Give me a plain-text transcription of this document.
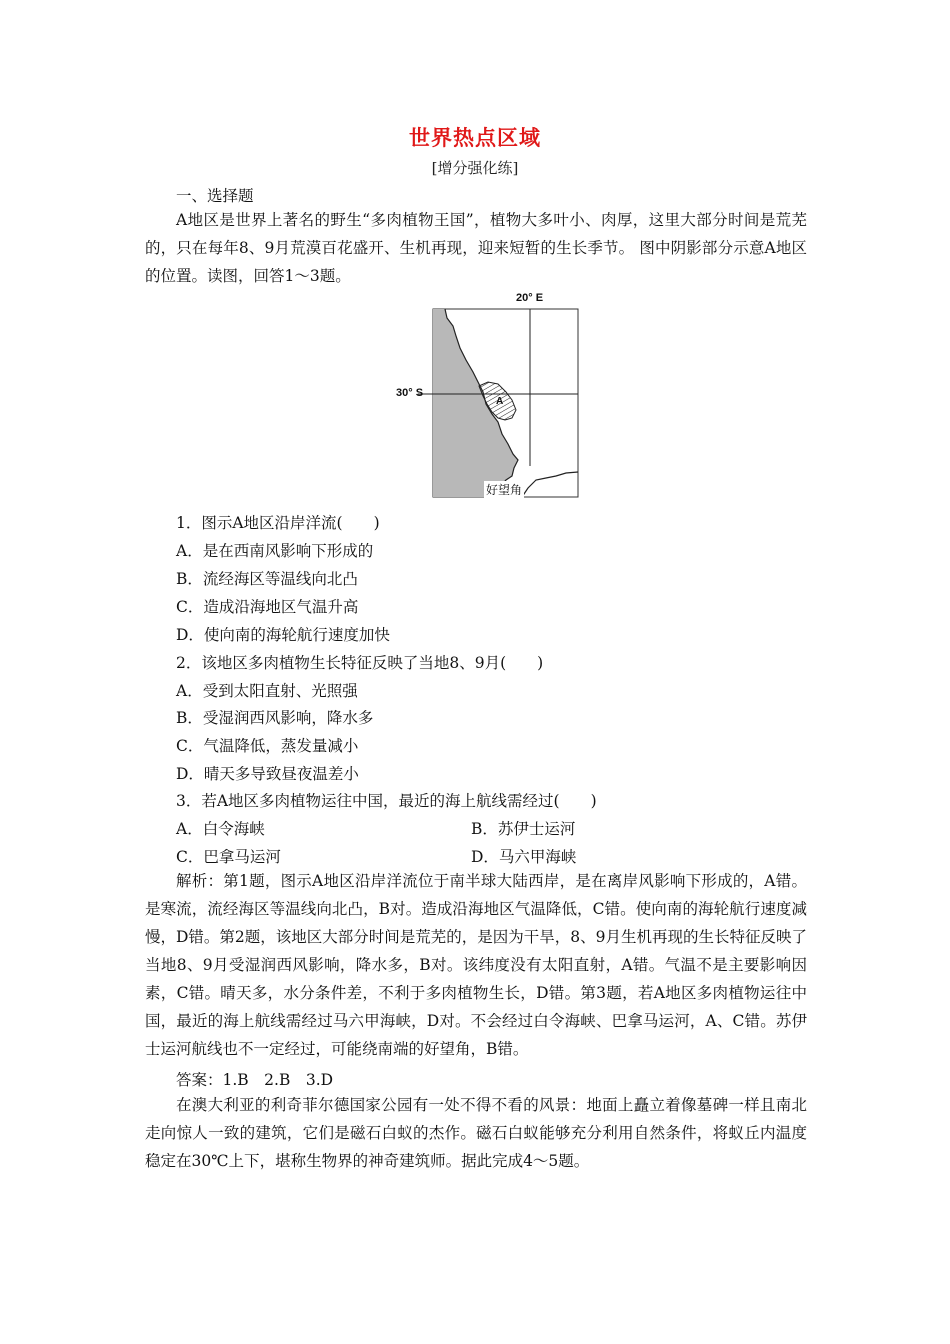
世界热点区域
[增分强化练]
一、选择题
A地区是世界上著名的野生“多肉植物王国”，植物大多叶小、肉厚，这里大部分时间是荒芜的，只在每年8、9月荒漠百花盛开、生机再现，迎来短暂的生长季节。 图中阴影部分示意A地区的位置。读图，回答1～3题。
20° E
30° S
A
好望角
1．图示A地区沿岸洋流(　　)
A．是在西南风影响下形成的
B．流经海区等温线向北凸
C．造成沿海地区气温升高
D．使向南的海轮航行速度加快
2．该地区多肉植物生长特征反映了当地8、9月(　　)
A．受到太阳直射、光照强
B．受湿润西风影响，降水多
C．气温降低，蒸发量减小
D．晴天多导致昼夜温差小
3．若A地区多肉植物运往中国，最近的海上航线需经过(　　)
A．白令海峡	B．苏伊士运河
C．巴拿马运河	D．马六甲海峡
解析：第1题，图示A地区沿岸洋流位于南半球大陆西岸，是在离岸风影响下形成的，A错。是寒流，流经海区等温线向北凸，B对。造成沿海地区气温降低，C错。使向南的海轮航行速度减慢，D错。第2题，该地区大部分时间是荒芜的，是因为干旱，8、9月生机再现的生长特征反映了当地8、9月受湿润西风影响，降水多，B对。该纬度没有太阳直射，A错。气温不是主要影响因素，C错。晴天多，水分条件差，不利于多肉植物生长，D错。第3题，若A地区多肉植物运往中国，最近的海上航线需经过马六甲海峡，D对。不会经过白令海峡、巴拿马运河，A、C错。苏伊士运河航线也不一定经过，可能绕南端的好望角，B错。
答案：1.B　2.B　3.D
在澳大利亚的利奇菲尔德国家公园有一处不得不看的风景：地面上矗立着像墓碑一样且南北走向惊人一致的建筑，它们是磁石白蚁的杰作。磁石白蚁能够充分利用自然条件，将蚁丘内温度稳定在30℃上下，堪称生物界的神奇建筑师。据此完成4～5题。
